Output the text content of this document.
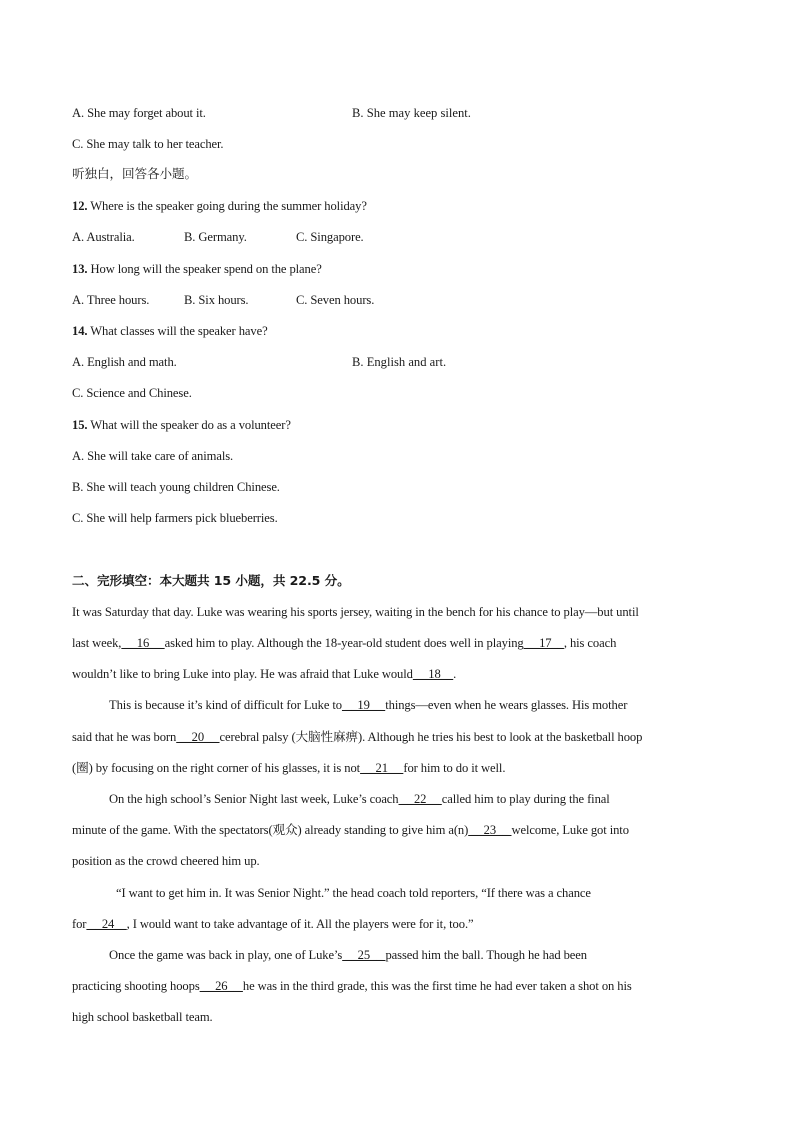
A. She may forget about it.	B. She may keep silent.
C. She may talk to her teacher.
听独白，回答各小题。
12. Where is the speaker going during the summer holiday?
A. Australia.	B. Germany.	C. Singapore.
13. How long will the speaker spend on the plane?
A. Three hours.	B. Six hours.	C. Seven hours.
14. What classes will the speaker have?
A. English and math.	B. English and art.
C. Science and Chinese.
15. What will the speaker do as a volunteer?
A. She will take care of animals.
B. She will teach young children Chinese.
C. She will help farmers pick blueberries.
二、完形填空：本大题共 15 小题，共 22.5 分。
It was Saturday that day. Luke was wearing his sports jersey, waiting in the bench for his chance to play—but until
last week, __16__ asked him to play. Although the 18-year-old student does well in playing __17__, his coach
wouldn’t like to bring Luke into play. He was afraid that Luke would __18__.
This is because it’s kind of difficult for Luke to __19__ things—even when he wears glasses. His mother
said that he was born __20__ cerebral palsy (大脑性麻痹). Although he tries his best to look at the basketball hoop
(圈) by focusing on the right corner of his glasses, it is not __21__ for him to do it well.
On the high school’s Senior Night last week, Luke’s coach __22__ called him to play during the final
minute of the game. With the spectators(观众) already standing to give him a(n) __23__ welcome, Luke got into
position as the crowd cheered him up.
“I want to get him in. It was Senior Night.” the head coach told reporters, “If there was a chance
for __24__, I would want to take advantage of it. All the players were for it, too.”
Once the game was back in play, one of Luke’s __25__ passed him the ball. Though he had been
practicing shooting hoops __26__ he was in the third grade, this was the first time he had ever taken a shot on his
high school basketball team.
